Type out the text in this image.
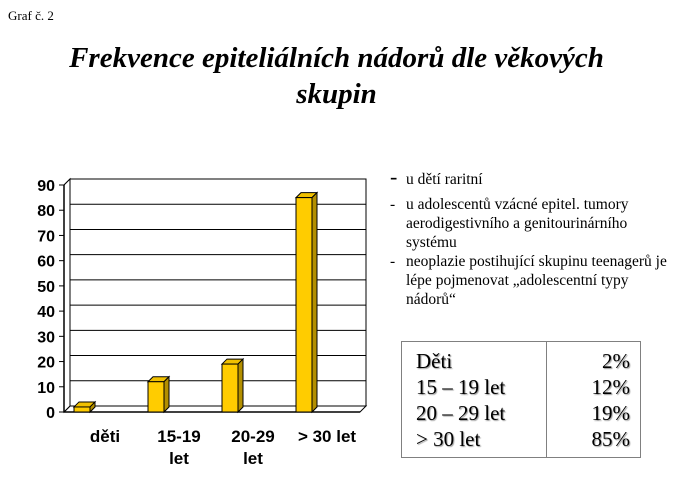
Graf č. 2
Frekvence epiteliálních nádorů dle věkových
skupin
0
10
20
30
40
50
60
70
80
90
děti 15-19
let
20-29
let
> 30 let

- u dětí raritní

- u adolescentů vzácné epitel. tumory aerodigestivního a genitourinárního systému

- neoplazie postihující skupinu teenagerů je lépe pojmenovat „adolescentní typy nádorů“

Děti	2%
15 – 19 let	12%
20 – 29 let	19%
> 30 let	85%
